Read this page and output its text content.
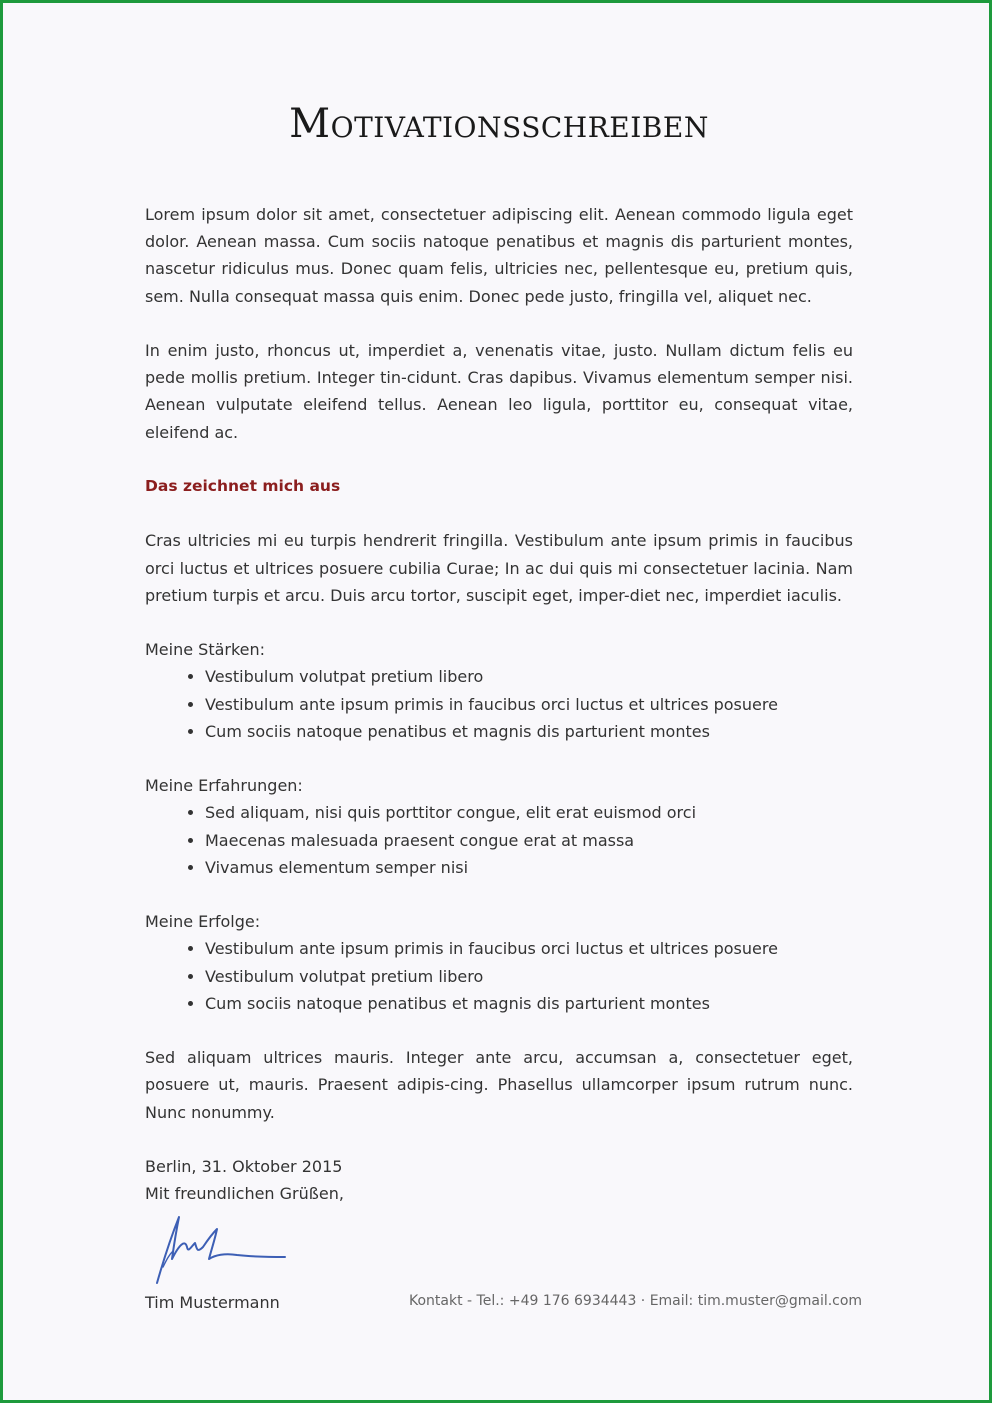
Motivationsschreiben

Lorem ipsum dolor sit amet, consectetuer adipiscing elit. Aenean commodo ligula eget dolor. Aenean massa. Cum sociis natoque penatibus et magnis dis parturient montes, nascetur ridiculus mus. Donec quam felis, ultricies nec, pellentesque eu, pretium quis, sem. Nulla consequat massa quis enim. Donec pede justo, fringilla vel, aliquet nec.

In enim justo, rhoncus ut, imperdiet a, venenatis vitae, justo. Nullam dictum felis eu pede mollis pretium. Integer tin-cidunt. Cras dapibus. Vivamus elementum semper nisi. Aenean vulputate eleifend tellus. Aenean leo ligula, porttitor eu, consequat vitae, eleifend ac.

Das zeichnet mich aus

Cras ultricies mi eu turpis hendrerit fringilla. Vestibulum ante ipsum primis in faucibus orci luctus et ultrices posuere cubilia Curae; In ac dui quis mi consectetuer lacinia. Nam pretium turpis et arcu. Duis arcu tortor, suscipit eget, imper-diet nec, imperdiet iaculis.

Meine Stärken:

• Vestibulum volutpat pretium libero
• Vestibulum ante ipsum primis in faucibus orci luctus et ultrices posuere
• Cum sociis natoque penatibus et magnis dis parturient montes

Meine Erfahrungen:

• Sed aliquam, nisi quis porttitor congue, elit erat euismod orci
• Maecenas malesuada praesent congue erat at massa
• Vivamus elementum semper nisi

Meine Erfolge:

• Vestibulum ante ipsum primis in faucibus orci luctus et ultrices posuere
• Vestibulum volutpat pretium libero
• Cum sociis natoque penatibus et magnis dis parturient montes

Sed aliquam ultrices mauris. Integer ante arcu, accumsan a, consectetuer eget, posuere ut, mauris. Praesent adipis-cing. Phasellus ullamcorper ipsum rutrum nunc. Nunc nonummy.

Berlin, 31. Oktober 2015

Mit freundlichen Grüßen,

Tim Mustermann	Kontakt - Tel.: +49 176 6934443 · Email: tim.muster@gmail.com
